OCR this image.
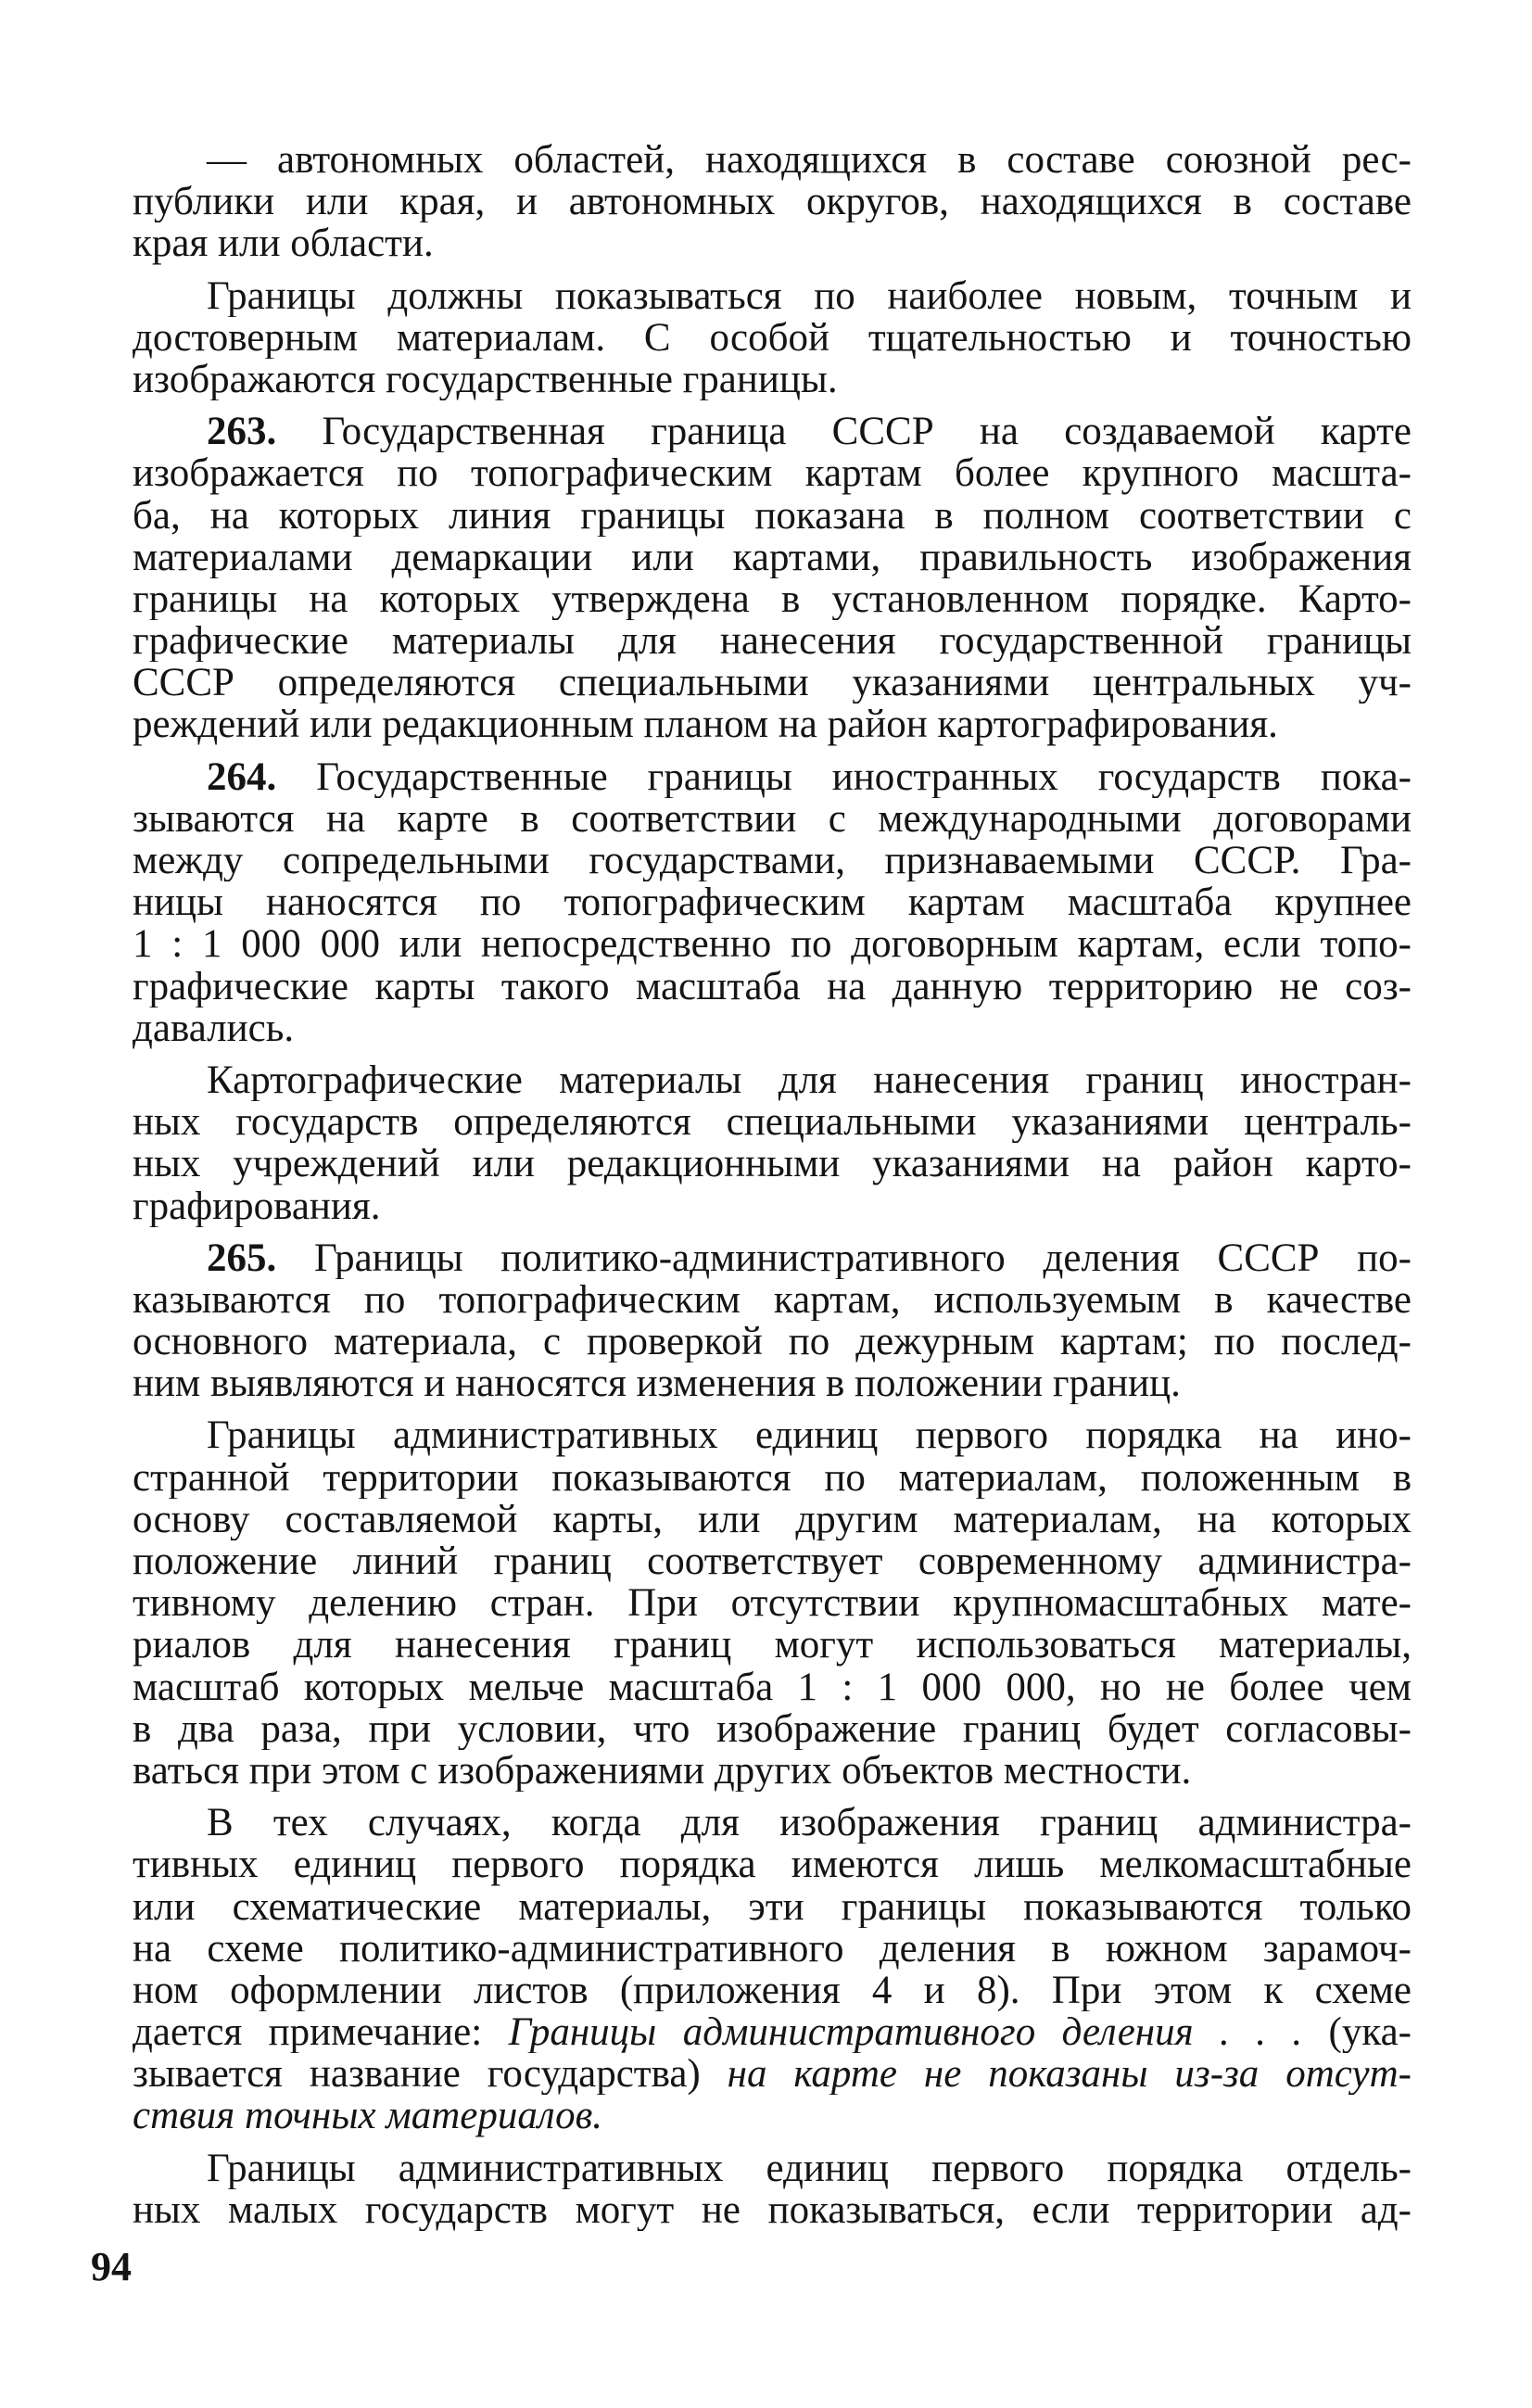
— автономных областей, находящихся в составе союзной рес-
публики или края, и автономных округов, находящихся в составе
края или области.
Границы должны показываться по наиболее новым, точным и
достоверным материалам. С особой тщательностью и точностью
изображаются государственные границы.
263. Государственная граница СССР на создаваемой карте
изображается по топографическим картам более крупного масшта-
ба, на которых линия границы показана в полном соответствии с
материалами демаркации или картами, правильность изображения
границы на которых утверждена в установленном порядке. Карто-
графические материалы для нанесения государственной границы
СССР определяются специальными указаниями центральных уч-
реждений или редакционным планом на район картографирования.
264. Государственные границы иностранных государств пока-
зываются на карте в соответствии с международными договорами
между сопредельными государствами, признаваемыми СССР. Гра-
ницы наносятся по топографическим картам масштаба крупнее
1 : 1 000 000 или непосредственно по договорным картам, если топо-
графические карты такого масштаба на данную территорию не соз-
давались.
Картографические материалы для нанесения границ иностран-
ных государств определяются специальными указаниями централь-
ных учреждений или редакционными указаниями на район карто-
графирования.
265. Границы политико-административного деления СССР по-
казываются по топографическим картам, используемым в качестве
основного материала, с проверкой по дежурным картам; по послед-
ним выявляются и наносятся изменения в положении границ.
Границы административных единиц первого порядка на ино-
странной территории показываются по материалам, положенным в
основу составляемой карты, или другим материалам, на которых
положение линий границ соответствует современному администра-
тивному делению стран. При отсутствии крупномасштабных мате-
риалов для нанесения границ могут использоваться материалы,
масштаб которых мельче масштаба 1 : 1 000 000, но не более чем
в два раза, при условии, что изображение границ будет согласовы-
ваться при этом с изображениями других объектов местности.
В тех случаях, когда для изображения границ администра-
тивных единиц первого порядка имеются лишь мелкомасштабные
или схематические материалы, эти границы показываются только
на схеме политико-административного деления в южном зарамоч-
ном оформлении листов (приложения 4 и 8). При этом к схеме
дается примечание: Границы административного деления . . . (ука-
зывается название государства) на карте не показаны из-за отсут-
ствия точных материалов.
Границы административных единиц первого порядка отдель-
ных малых государств могут не показываться, если территории ад-
94
